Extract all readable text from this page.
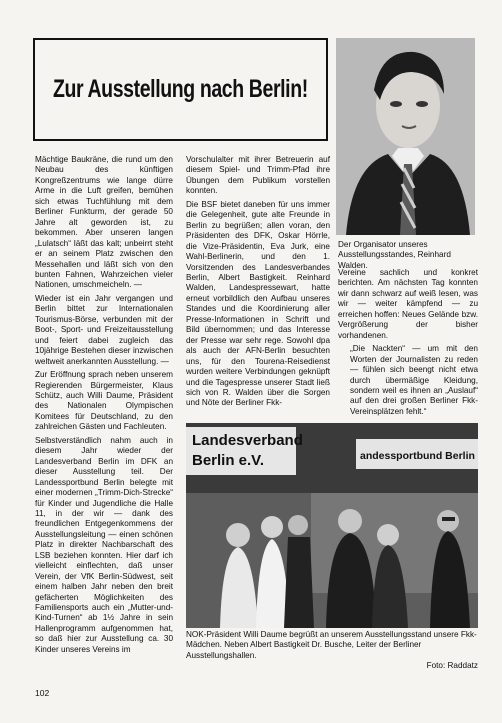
Zur Ausstellung nach Berlin!
Der Organisator unseres Ausstellungsstandes, Reinhard Walden.

Mächtige Baukräne, die rund um den Neubau des künftigen Kongreßzentrums wie lange dürre Arme in die Luft greifen, bemühen sich etwas Tuchfühlung mit dem Berliner Funkturm, der gerade 50 Jahre alt geworden ist, zu bekommen. Aber unseren langen „Lulatsch“ läßt das kalt; unbeirrt steht er an seinem Platz zwischen den Messehallen und läßt sich von den bunten Fahnen, Wahrzeichen vieler Nationen, umschmeicheln. —

Wieder ist ein Jahr vergangen und Berlin bittet zur Internationalen Tourismus-Börse, verbunden mit der Boot-, Sport- und Freizeitausstellung und feiert dabei zugleich das 10jährige Bestehen dieser inzwischen weltweit anerkannten Ausstellung. —

Zur Eröffnung sprach neben unserem Regierenden Bürgermeister, Klaus Schütz, auch Willi Daume, Präsident des Nationalen Olympischen Komitees für Deutschland, zu den zahlreichen Gästen und Fachleuten.

Selbstverständlich nahm auch in diesem Jahr wieder der Landesverband Berlin im DFK an dieser Ausstellung teil. Der Landessportbund Berlin belegte mit einer modernen „Trimm-Dich-Strecke“ für Kinder und Jugendliche die Halle 11, in der wir — dank des freundlichen Entgegenkommens der Ausstellungsleitung — einen schönen Platz in direkter Nachbarschaft des LSB beziehen konnten. Hier darf ich vielleicht einflechten, daß unser Verein, der VfK Berlin-Südwest, seit einem halben Jahr neben den breit gefächerten Möglichkeiten des Familiensports auch ein „Mutter-und-Kind-Turnen“ ab 1½ Jahre in sein Hallenprogramm aufgenommen hat, so daß hier zur Ausstellung ca. 30 Kinder unseres Vereins im

Vorschulalter mit ihrer Betreuerin auf diesem Spiel- und Trimm-Pfad ihre Übungen dem Publikum vorstellen konnten.

Die BSF bietet daneben für uns immer die Gelegenheit, gute alte Freunde in Berlin zu begrüßen; allen voran, den Präsidenten des DFK, Oskar Hörrle, die Vize-Präsidentin, Eva Jurk, eine Wahl-Berlinerin, und den 1. Vorsitzenden des Landesverbandes Berlin, Albert Bastigkeit. Reinhard Walden, Landespressewart, hatte erneut vorbildlich den Aufbau unseres Standes und die Koordinierung aller Presse-Informationen in Schrift und Bild übernommen; und das Interesse der Presse war sehr rege. Sowohl dpa als auch der AFN-Berlin besuchten uns, für den Tourena-Reisedienst wurden weitere Verbindungen geknüpft und die Tagespresse unserer Stadt ließ sich von R. Walden über die Sorgen und Nöte der Berliner Fkk-

Vereine sachlich und konkret berichten. Am nächsten Tag konnten wir dann schwarz auf weiß lesen, was wir — weiter kämpfend — zu erreichen hoffen: Neues Gelände bzw. Vergrößerung der bisher vorhandenen.

„Die Nackten“ — um mit den Worten der Journalisten zu reden — fühlen sich beengt nicht etwa durch übermäßige Kleidung, sondern weil es ihnen an „Auslauf“ auf den drei großen Berliner Fkk-Vereinsplätzen fehlt.“

Landesverband
Berlin e.V.	andessportbund Berlin
NOK-Präsident Willi Daume begrüßt an unserem Ausstellungsstand unsere Fkk-Mädchen. Neben Albert Bastigkeit Dr. Busche, Leiter der Berliner Ausstellungshallen.
Foto: Raddatz
102
